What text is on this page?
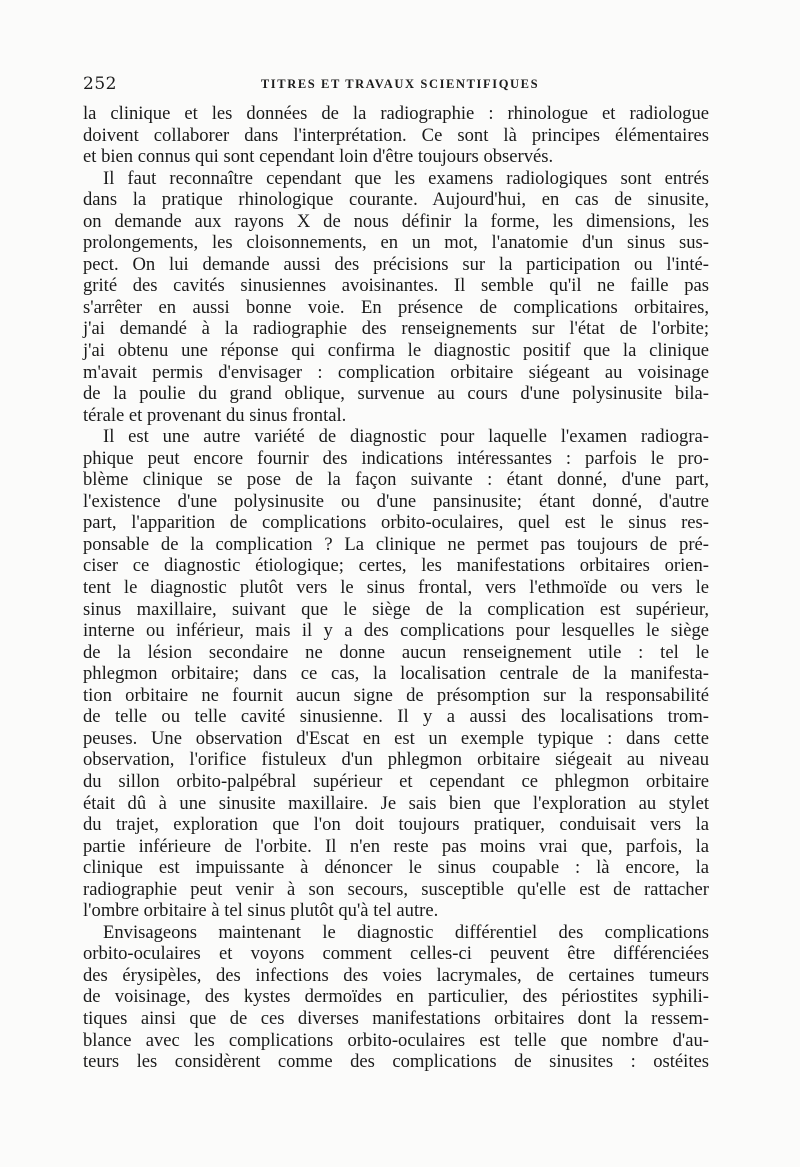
252	TITRES ET TRAVAUX SCIENTIFIQUES
la clinique et les données de la radiographie : rhinologue et radiologue
doivent collaborer dans l'interprétation. Ce sont là principes élémentaires
et bien connus qui sont cependant loin d'être toujours observés.
Il faut reconnaître cependant que les examens radiologiques sont entrés
dans la pratique rhinologique courante. Aujourd'hui, en cas de sinusite,
on demande aux rayons X de nous définir la forme, les dimensions, les
prolongements, les cloisonnements, en un mot, l'anatomie d'un sinus sus-
pect. On lui demande aussi des précisions sur la participation ou l'inté-
grité des cavités sinusiennes avoisinantes. Il semble qu'il ne faille pas
s'arrêter en aussi bonne voie. En présence de complications orbitaires,
j'ai demandé à la radiographie des renseignements sur l'état de l'orbite;
j'ai obtenu une réponse qui confirma le diagnostic positif que la clinique
m'avait permis d'envisager : complication orbitaire siégeant au voisinage
de la poulie du grand oblique, survenue au cours d'une polysinusite bila-
térale et provenant du sinus frontal.
Il est une autre variété de diagnostic pour laquelle l'examen radiogra-
phique peut encore fournir des indications intéressantes : parfois le pro-
blème clinique se pose de la façon suivante : étant donné, d'une part,
l'existence d'une polysinusite ou d'une pansinusite; étant donné, d'autre
part, l'apparition de complications orbito-oculaires, quel est le sinus res-
ponsable de la complication ? La clinique ne permet pas toujours de pré-
ciser ce diagnostic étiologique; certes, les manifestations orbitaires orien-
tent le diagnostic plutôt vers le sinus frontal, vers l'ethmoïde ou vers le
sinus maxillaire, suivant que le siège de la complication est supérieur,
interne ou inférieur, mais il y a des complications pour lesquelles le siège
de la lésion secondaire ne donne aucun renseignement utile : tel le
phlegmon orbitaire; dans ce cas, la localisation centrale de la manifesta-
tion orbitaire ne fournit aucun signe de présomption sur la responsabilité
de telle ou telle cavité sinusienne. Il y a aussi des localisations trom-
peuses. Une observation d'Escat en est un exemple typique : dans cette
observation, l'orifice fistuleux d'un phlegmon orbitaire siégeait au niveau
du sillon orbito-palpébral supérieur et cependant ce phlegmon orbitaire
était dû à une sinusite maxillaire. Je sais bien que l'exploration au stylet
du trajet, exploration que l'on doit toujours pratiquer, conduisait vers la
partie inférieure de l'orbite. Il n'en reste pas moins vrai que, parfois, la
clinique est impuissante à dénoncer le sinus coupable : là encore, la
radiographie peut venir à son secours, susceptible qu'elle est de rattacher
l'ombre orbitaire à tel sinus plutôt qu'à tel autre.
Envisageons maintenant le diagnostic différentiel des complications
orbito-oculaires et voyons comment celles-ci peuvent être différenciées
des érysipèles, des infections des voies lacrymales, de certaines tumeurs
de voisinage, des kystes dermoïdes en particulier, des périostites syphili-
tiques ainsi que de ces diverses manifestations orbitaires dont la ressem-
blance avec les complications orbito-oculaires est telle que nombre d'au-
teurs les considèrent comme des complications de sinusites : ostéites
